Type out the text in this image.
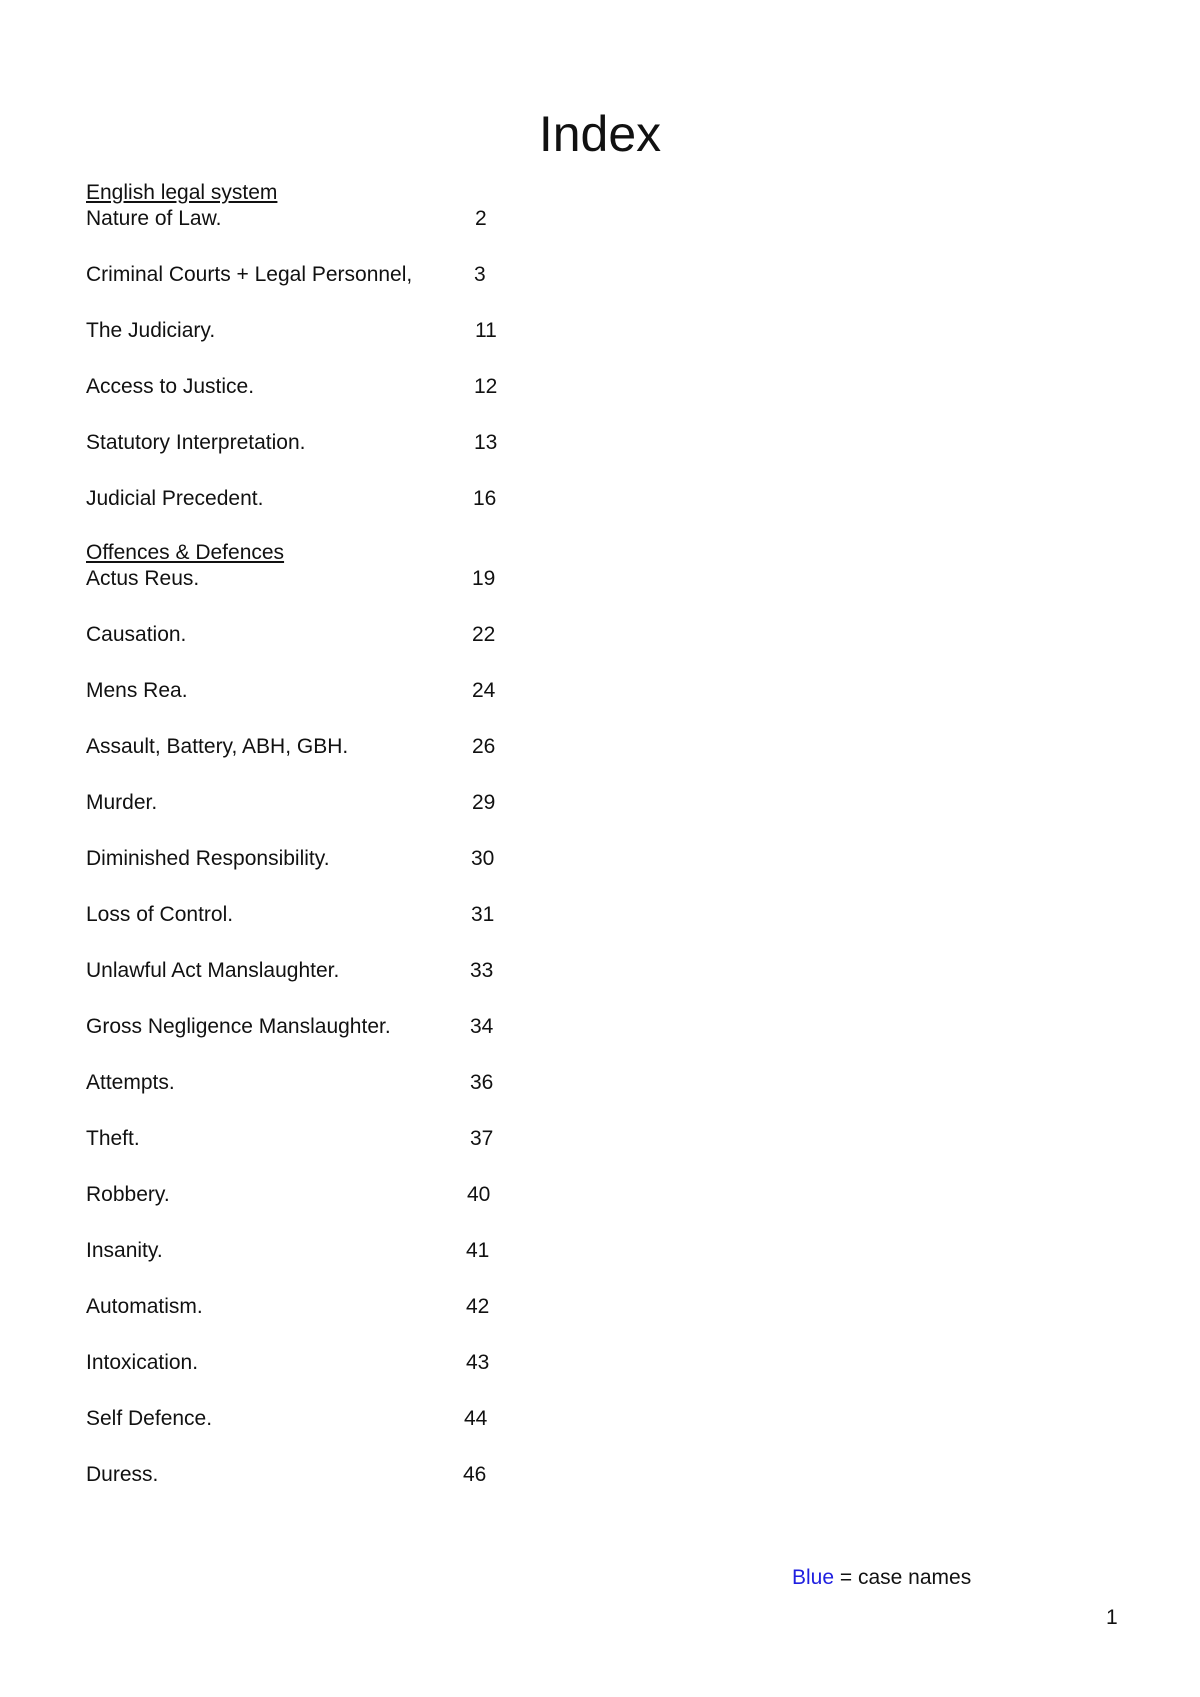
Index
English legal system
Nature of Law.	2
Criminal Courts + Legal Personnel,	3
The Judiciary.	11
Access to Justice.	12
Statutory Interpretation.	13
Judicial Precedent.	16
Offences & Defences
Actus Reus.	19
Causation.	22
Mens Rea.	24
Assault, Battery, ABH, GBH.	26
Murder.	29
Diminished Responsibility.	30
Loss of Control.	31
Unlawful Act Manslaughter.	33
Gross Negligence Manslaughter.	34
Attempts.	36
Theft.	37
Robbery.	40
Insanity.	41
Automatism.	42
Intoxication.	43
Self Defence.	44
Duress.	46
Blue = case names
1
